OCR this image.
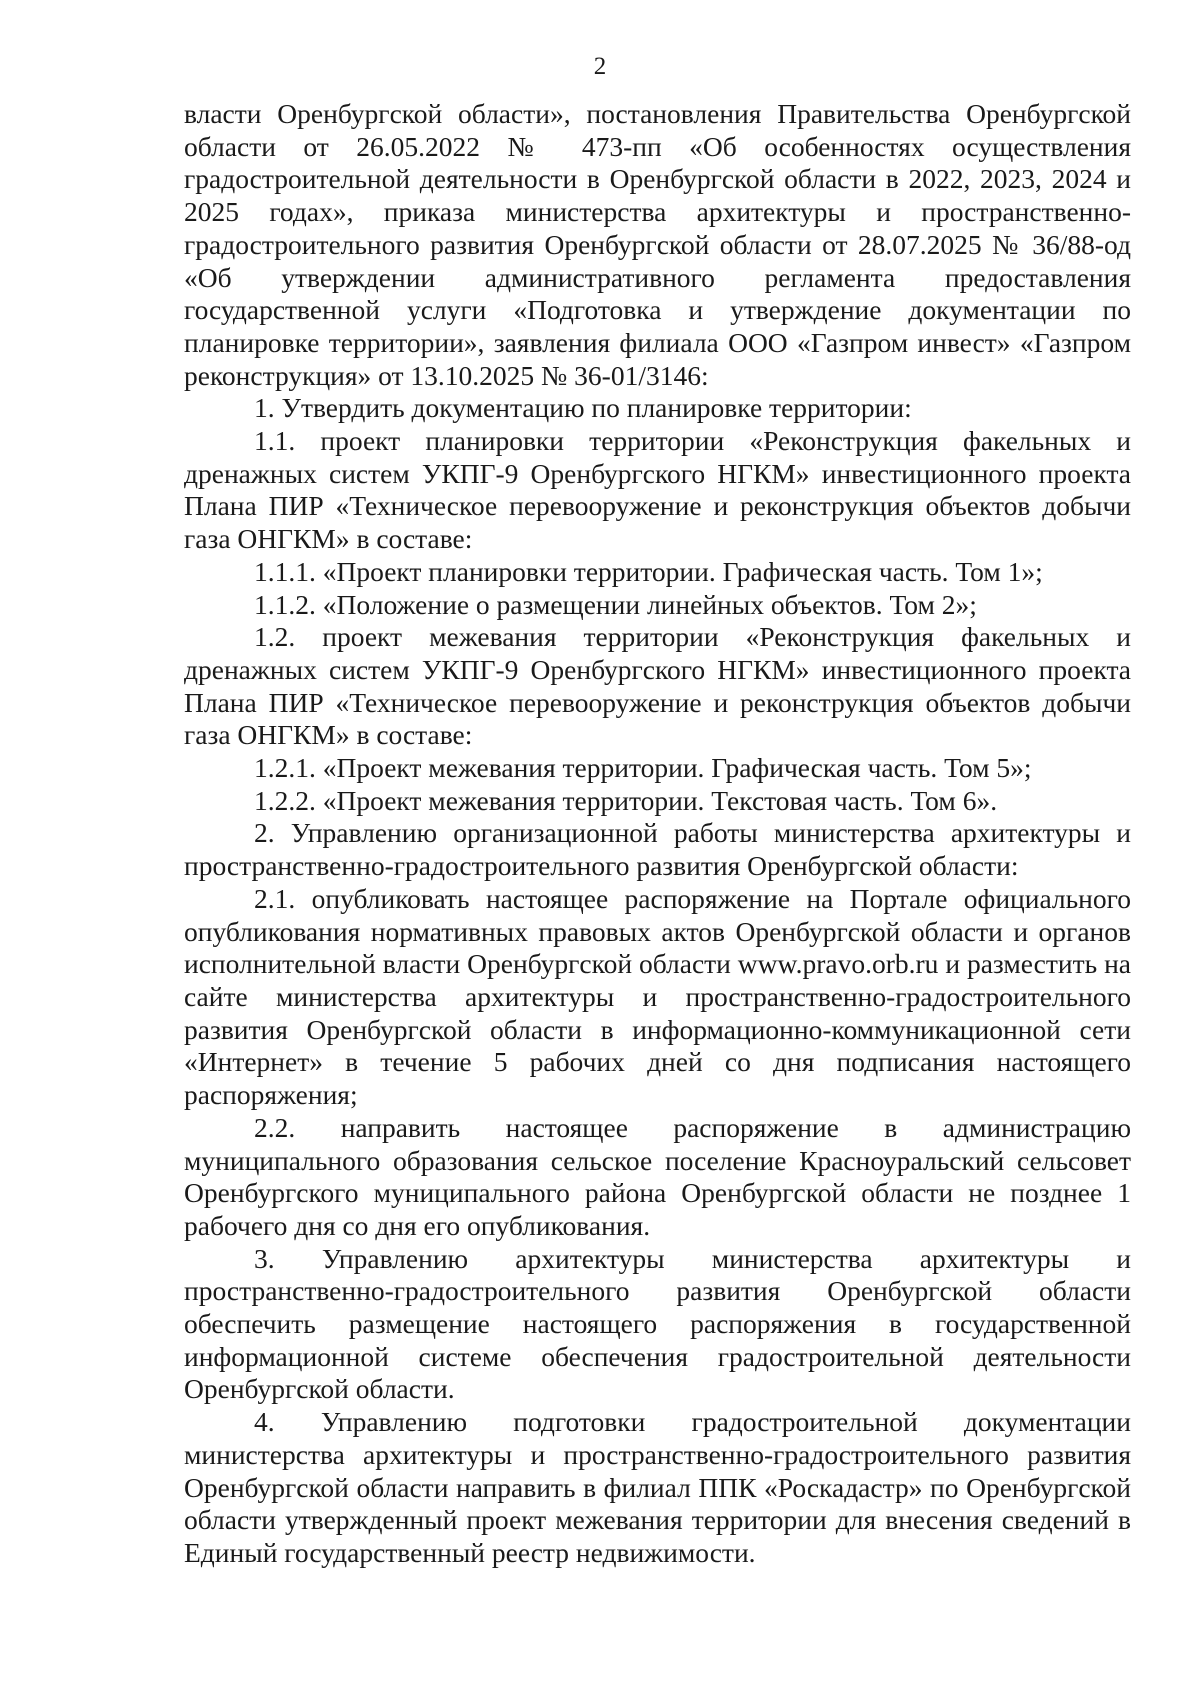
2

власти Оренбургской области», постановления Правительства Оренбургской области от 26.05.2022 № 473-пп «Об особенностях осуществления градостроительной деятельности в Оренбургской области в 2022, 2023, 2024 и 2025 годах», приказа министерства архитектуры и пространственно-градостроительного развития Оренбургской области от 28.07.2025 № 36/88-од «Об утверждении административного регламента предоставления государственной услуги «Подготовка и утверждение документации по планировке территории», заявления филиала ООО «Газпром инвест» «Газпром реконструкция» от 13.10.2025 № 36-01/3146:

1. Утвердить документацию по планировке территории:

1.1. проект планировки территории «Реконструкция факельных и дренажных систем УКПГ-9 Оренбургского НГКМ» инвестиционного проекта Плана ПИР «Техническое перевооружение и реконструкция объектов добычи газа ОНГКМ» в составе:

1.1.1. «Проект планировки территории. Графическая часть. Том 1»;

1.1.2. «Положение о размещении линейных объектов. Том 2»;

1.2. проект межевания территории «Реконструкция факельных и дренажных систем УКПГ-9 Оренбургского НГКМ» инвестиционного проекта Плана ПИР «Техническое перевооружение и реконструкция объектов добычи газа ОНГКМ» в составе:

1.2.1. «Проект межевания территории. Графическая часть. Том 5»;

1.2.2. «Проект межевания территории. Текстовая часть. Том 6».

2. Управлению организационной работы министерства архитектуры и пространственно-градостроительного развития Оренбургской области:

2.1. опубликовать настоящее распоряжение на Портале официального опубликования нормативных правовых актов Оренбургской области и органов исполнительной власти Оренбургской области www.pravo.orb.ru и разместить на сайте министерства архитектуры и пространственно-градостроительного развития Оренбургской области в информационно-коммуникационной сети «Интернет» в течение 5 рабочих дней со дня подписания настоящего распоряжения;

2.2. направить настоящее распоряжение в администрацию муниципального образования сельское поселение Красноуральский сельсовет Оренбургского муниципального района Оренбургской области не позднее 1 рабочего дня со дня его опубликования.

3. Управлению архитектуры министерства архитектуры и пространственно-градостроительного развития Оренбургской области обеспечить размещение настоящего распоряжения в государственной информационной системе обеспечения градостроительной деятельности Оренбургской области.

4. Управлению подготовки градостроительной документации министерства архитектуры и пространственно-градостроительного развития Оренбургской области направить в филиал ППК «Роскадастр» по Оренбургской области утвержденный проект межевания территории для внесения сведений в Единый государственный реестр недвижимости.
